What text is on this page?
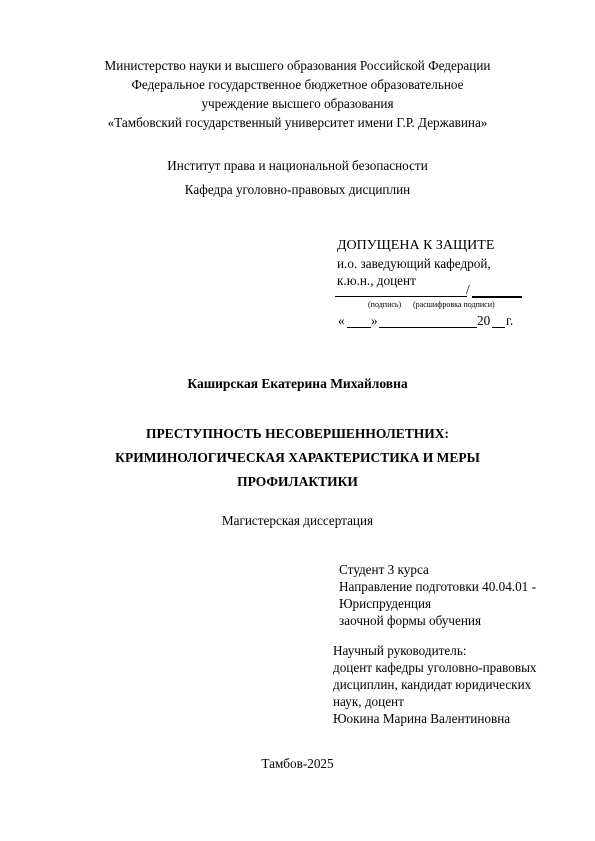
Министерство науки и высшего образования Российской Федерации
Федеральное государственное бюджетное образовательное
учреждение высшего образования
«Тамбовский государственный университет имени Г.Р. Державина»
Институт права и национальной безопасности
Кафедра уголовно-правовых дисциплин
ДОПУЩЕНА К ЗАЩИТЕ
и.о. заведующий кафедрой,
к.ю.н., доцент
/
(подпись) (расшифровка подписи)
« »	20 г.
Каширская Екатерина Михайловна
ПРЕСТУПНОСТЬ НЕСОВЕРШЕННОЛЕТНИХ:
КРИМИНОЛОГИЧЕСКАЯ ХАРАКТЕРИСТИКА И МЕРЫ
ПРОФИЛАКТИКИ
Магистерская диссертация
Студент 3 курса
Направление подготовки 40.04.01 -
Юриспруденция
заочной формы обучения
Научный руководитель:
доцент кафедры уголовно-правовых
дисциплин, кандидат юридических
наук, доцент
Юокина Марина Валентиновна
Тамбов-2025
